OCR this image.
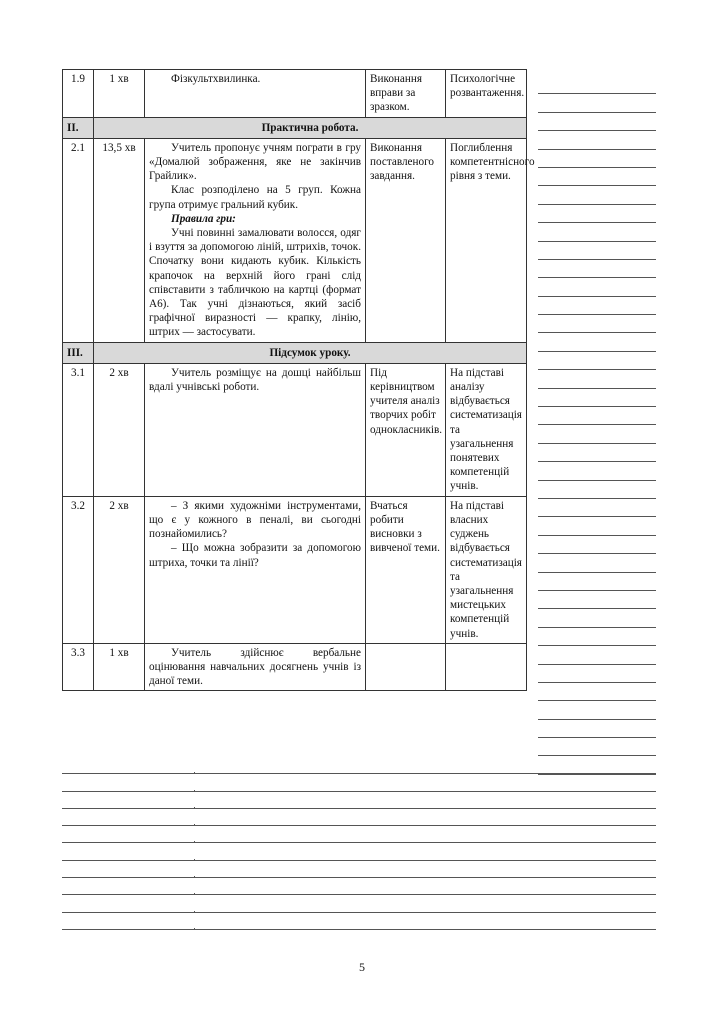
1.9	1 хв	Фізкультхвилинка.	Виконання вправи за зразком.	Психологічне розвантаження.
ІІ.	Практична робота.			
2.1	13,5 хв	Учитель пропонує учням пограти в гру «Домалюй зображення, яке не закінчив Грайлик».

Клас розподілено на 5 груп. Кожна група отримує гральний кубик.

Правила гри:

Учні повинні замалювати волосся, одяг і взуття за допомогою ліній, штрихів, точок. Спочатку вони кидають кубик. Кількість крапочок на верхній його грані слід співставити з табличкою на картці (формат А6). Так учні дізнаються, який засіб графічної виразності — крапку, лінію, штрих — застосувати.	Виконання поставленого завдання.	Поглиблення компетентнісного рівня з теми.
ІІІ.	Підсумок уроку.			
3.1	2 хв	Учитель розміщує на дошці найбільш вдалі учнівські роботи.	Під керівництвом учителя аналіз творчих робіт однокласників.	На підставі аналізу відбувається систематизація та узагальнення понятевих компетенцій учнів.
3.2	2 хв	– З якими художніми інструментами, що є у кожного в пеналі, ви сьогодні познайомились?

– Що можна зобразити за допомогою штриха, точки та лінії?	Вчаться робити висновки з вивченої теми.	На підставі власних суджень відбувається систематизація та узагальнення мистецьких компетенцій учнів.
3.3	1 хв	Учитель здійснює вербальне оцінювання навчальних досягнень учнів із даної теми.		

5
